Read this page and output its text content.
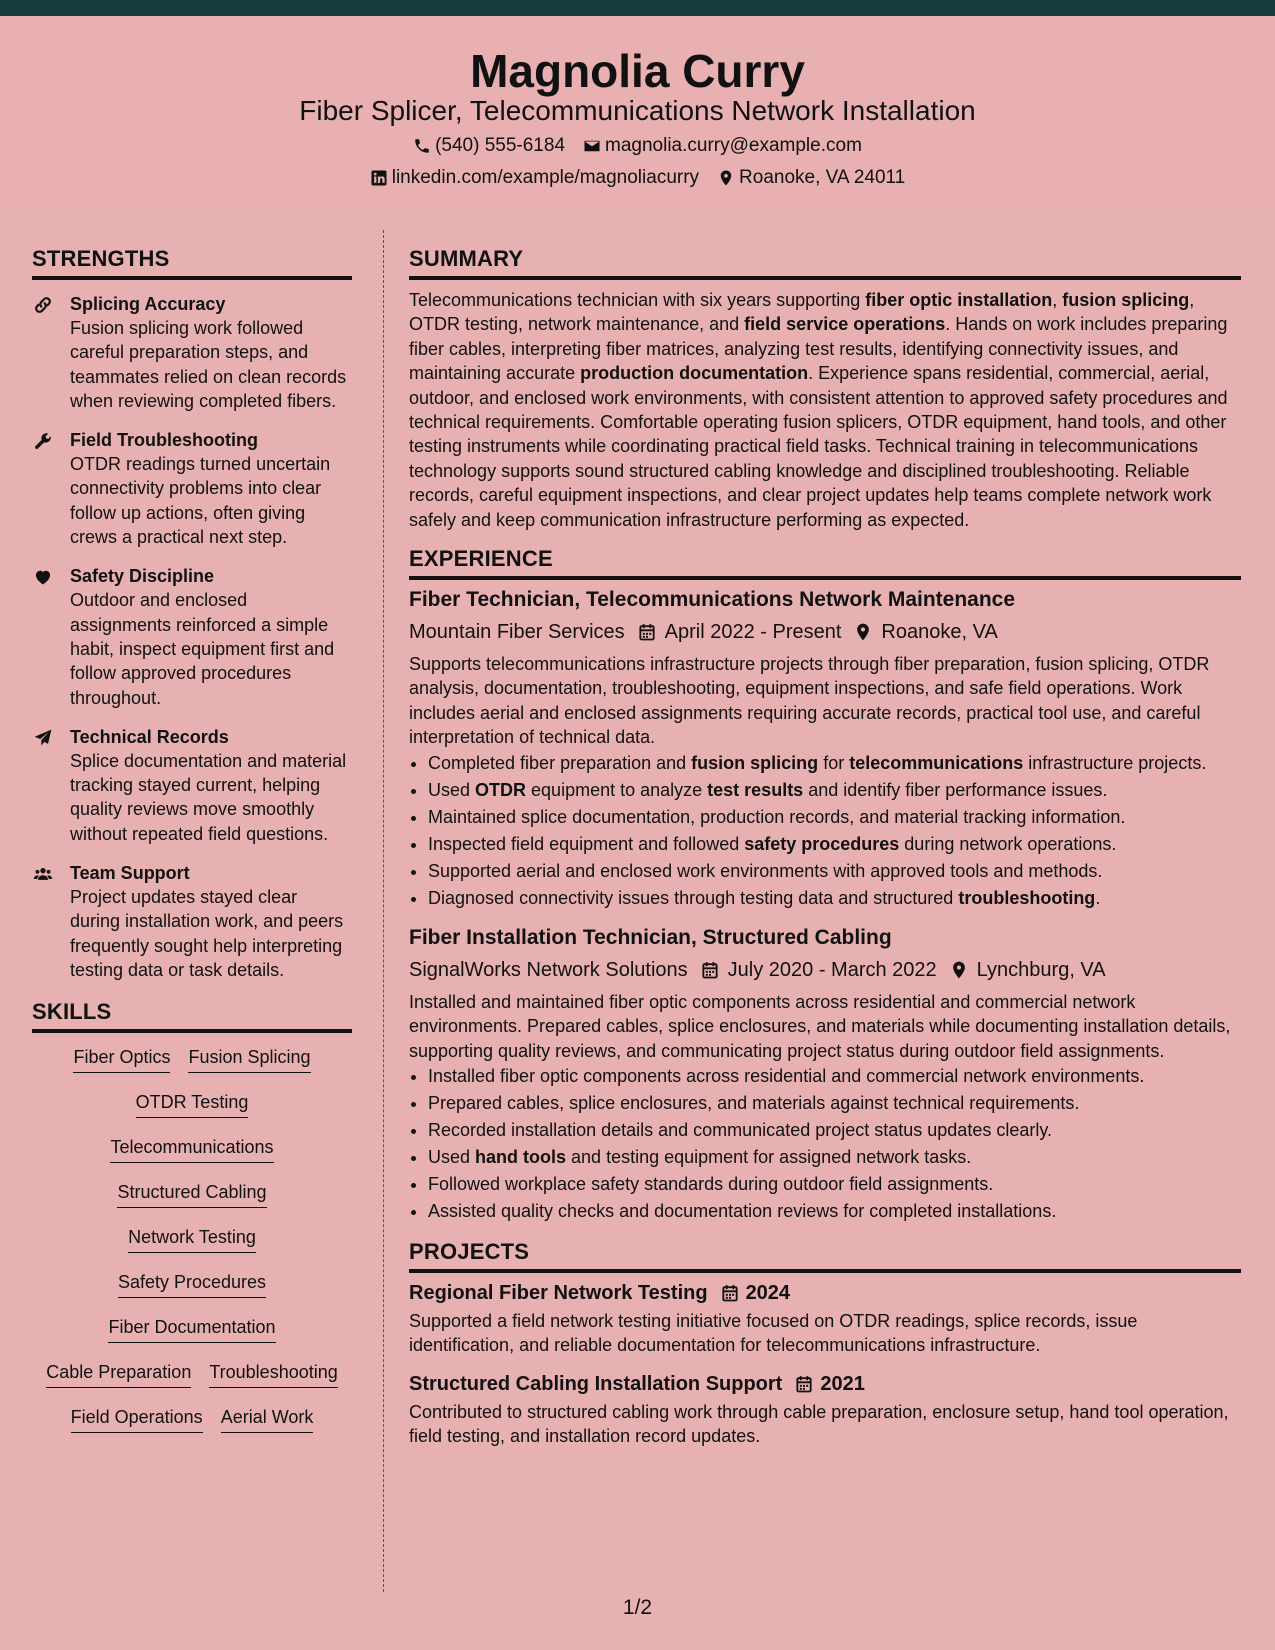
Magnolia Curry
Fiber Splicer, Telecommunications Network Installation
(540) 555-6184 magnolia.curry@example.com
linkedin.com/example/magnoliacurry Roanoke, VA 24011
STRENGTHS
Splicing Accuracy
Fusion splicing work followed careful preparation steps, and teammates relied on clean records when reviewing completed fibers.
Field Troubleshooting
OTDR readings turned uncertain connectivity problems into clear follow up actions, often giving crews a practical next step.
Safety Discipline
Outdoor and enclosed assignments reinforced a simple habit, inspect equipment first and follow approved procedures throughout.
Technical Records
Splice documentation and material tracking stayed current, helping quality reviews move smoothly without repeated field questions.
Team Support
Project updates stayed clear during installation work, and peers frequently sought help interpreting testing data or task details.
SKILLS
Fiber Optics Fusion Splicing
OTDR Testing
Telecommunications
Structured Cabling
Network Testing
Safety Procedures
Fiber Documentation
Cable Preparation Troubleshooting
Field Operations Aerial Work
SUMMARY
Telecommunications technician with six years supporting fiber optic installation, fusion splicing, OTDR testing, network maintenance, and field service operations. Hands on work includes preparing fiber cables, interpreting fiber matrices, analyzing test results, identifying connectivity issues, and maintaining accurate production documentation. Experience spans residential, commercial, aerial, outdoor, and enclosed work environments, with consistent attention to approved safety procedures and technical requirements. Comfortable operating fusion splicers, OTDR equipment, hand tools, and other testing instruments while coordinating practical field tasks. Technical training in telecommunications technology supports sound structured cabling knowledge and disciplined troubleshooting. Reliable records, careful equipment inspections, and clear project updates help teams complete network work safely and keep communication infrastructure performing as expected.
EXPERIENCE
Fiber Technician, Telecommunications Network Maintenance
Mountain Fiber Services April 2022 - Present Roanoke, VA
Supports telecommunications infrastructure projects through fiber preparation, fusion splicing, OTDR analysis, documentation, troubleshooting, equipment inspections, and safe field operations. Work includes aerial and enclosed assignments requiring accurate records, practical tool use, and careful interpretation of technical data.
• Completed fiber preparation and fusion splicing for telecommunications infrastructure projects.
• Used OTDR equipment to analyze test results and identify fiber performance issues.
• Maintained splice documentation, production records, and material tracking information.
• Inspected field equipment and followed safety procedures during network operations.
• Supported aerial and enclosed work environments with approved tools and methods.
• Diagnosed connectivity issues through testing data and structured troubleshooting.
Fiber Installation Technician, Structured Cabling
SignalWorks Network Solutions July 2020 - March 2022 Lynchburg, VA
Installed and maintained fiber optic components across residential and commercial network environments. Prepared cables, splice enclosures, and materials while documenting installation details, supporting quality reviews, and communicating project status during outdoor field assignments.
• Installed fiber optic components across residential and commercial network environments.
• Prepared cables, splice enclosures, and materials against technical requirements.
• Recorded installation details and communicated project status updates clearly.
• Used hand tools and testing equipment for assigned network tasks.
• Followed workplace safety standards during outdoor field assignments.
• Assisted quality checks and documentation reviews for completed installations.
PROJECTS
Regional Fiber Network Testing 2024
Supported a field network testing initiative focused on OTDR readings, splice records, issue identification, and reliable documentation for telecommunications infrastructure.
Structured Cabling Installation Support 2021
Contributed to structured cabling work through cable preparation, enclosure setup, hand tool operation, field testing, and installation record updates.
1/2
